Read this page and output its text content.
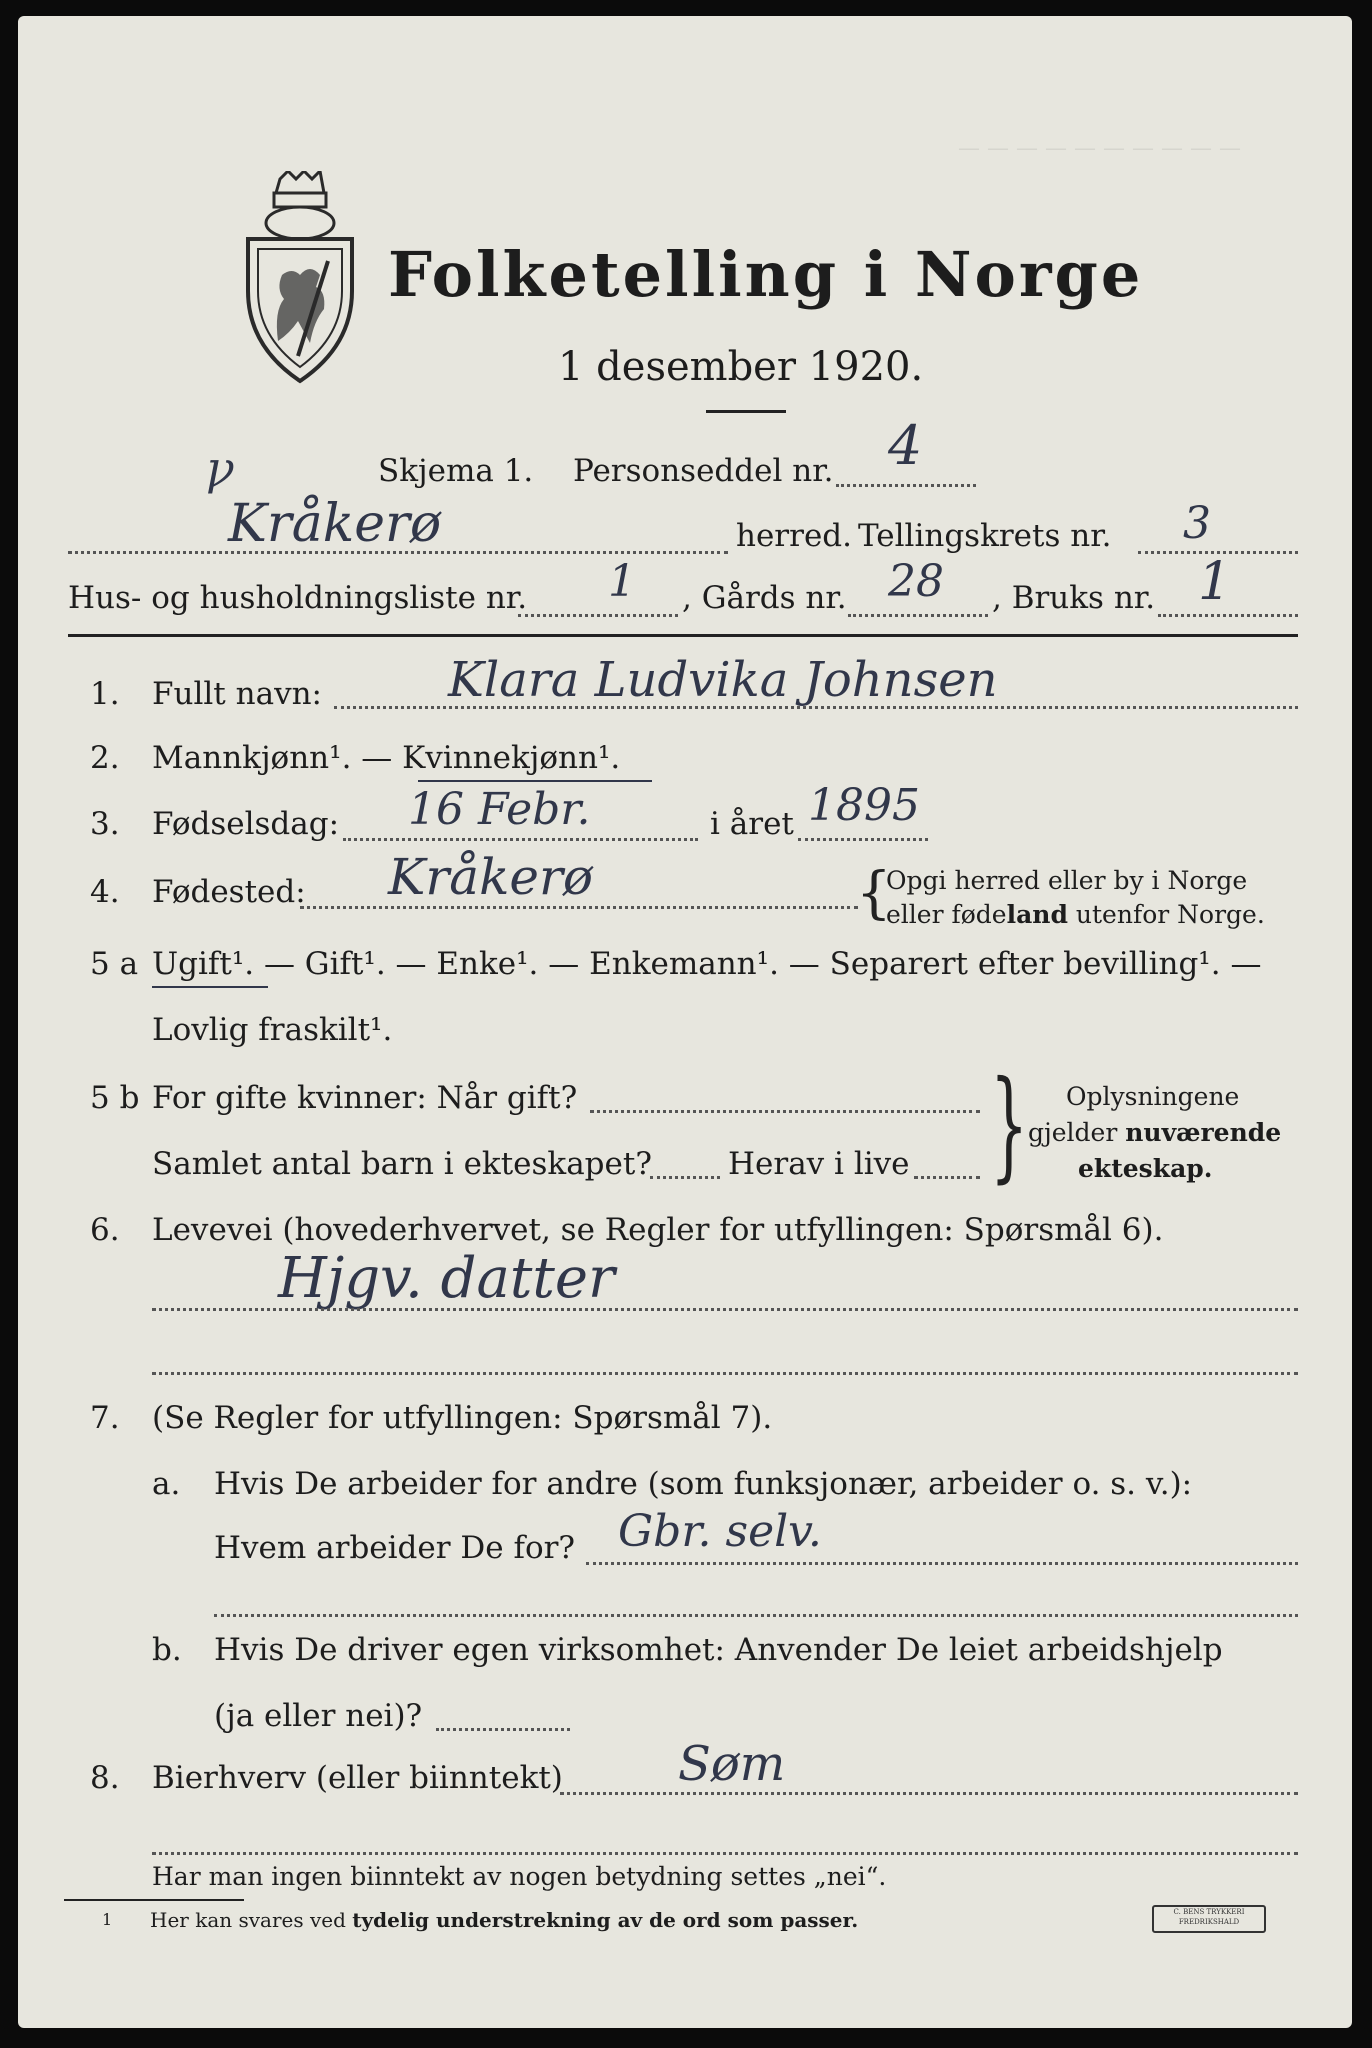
— — — — — — — — — —
Folketelling i Norge
1 desember 1920.
ꝩ	Skjema 1. Personseddel nr. 4
Kråkerø	herred. Tellingskrets nr. 3
Hus- og husholdningsliste nr. 1 , Gårds nr. 28 , Bruks nr. 1
1. Fullt navn:	Klara Ludvika Johnsen
2. Mannkjønn¹. — Kvinnekjønn¹.
3. Fødselsdag: 16 Febr.	i året 1895
4. Fødested: Kråkerø	{
Opgi herred eller by i Norge
eller fødeland utenfor Norge.
5 a Ugift¹. — Gift¹. — Enke¹. — Enkemann¹. — Separert efter bevilling¹. —
Lovlig fraskilt¹.
5 b For gifte kvinner: Når gift?
Samlet antal barn i ekteskapet? Herav i live } Oplysningene
gjelder nuværende
ekteskap.
6. Levevei (hovederhvervet, se Regler for utfyllingen: Spørsmål 6).
Hjgv. datter
7. (Se Regler for utfyllingen: Spørsmål 7).
a. Hvis De arbeider for andre (som funksjonær, arbeider o. s. v.):
Hvem arbeider De for? Gbr. selv.
b. Hvis De driver egen virksomhet: Anvender De leiet arbeidshjelp
(ja eller nei)?
8. Bierhverv (eller biinntekt) Søm
Har man ingen biinntekt av nogen betydning settes „nei“.
1 Her kan svares ved tydelig understrekning av de ord som passer.	C. BENS TRYKKERI FREDRIKSHALD
